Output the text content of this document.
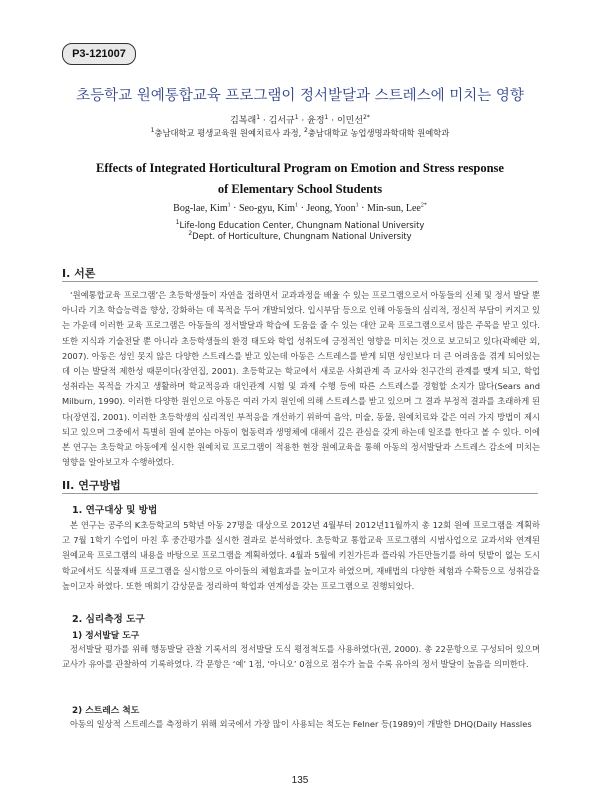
P3-121007
초등학교 원예통합교육 프로그램이 정서발달과 스트레스에 미치는 영향
김복래$^1$ · 김서규$^1$ · 윤정$^1$ · 이민선$^{2*}$
$^1$충남대학교 평생교육원 원예치료사 과정, $^2$충남대학교 농업생명과학대학 원예학과
Effects of Integrated Horticultural Program on Emotion and Stress response
of Elementary School Students
Bog-lae, Kim$^1$ · Seo-gyu, Kim$^1$ · Jeong, Yoon$^1$ · Min-sun, Lee$^{2*}$
$^1$Life-long Education Center, Chungnam National University
$^2$Dept. of Horticulture, Chungnam National University
I. 서론

‘원예통합교육 프로그램’은 초등학생들이 자연을 접하면서 교과과정을 배울 수 있는 프로그램으로서 아동들의 신체 및 정서 발달 뿐 아니라 기초 학습능력을 향상, 강화하는 데 목적을 두어 개발되었다. 입시부담 등으로 인해 아동들의 심리적, 정신적 부담이 커지고 있는 가운데 이러한 교육 프로그램은 아동들의 정서발달과 학습에 도움을 줄 수 있는 대안 교육 프로그램으로서 많은 주목을 받고 있다. 또한 지식과 기술전달 뿐 아니라 초등학생들의 환경 태도와 학업 성취도에 긍정적인 영향을 미치는 것으로 보고되고 있다(곽혜란 외, 2007). 아동은 성인 못지 않은 다양한 스트레스를 받고 있는데 아동은 스트레스를 받게 되면 성인보다 더 큰 어려움을 겪게 되어있는데 이는 발달적 제한성 때문이다(장연집, 2001). 초등학교는 학교에서 새로운 사회관계 즉 교사와 친구간의 관계를 맺게 되고, 학업 성취라는 목적을 가지고 생활하며 학교적응과 대인관계 시험 및 과제 수행 등에 따른 스트레스를 경험할 소지가 많다(Sears and Milburn, 1990). 이러한 다양한 원인으로 아동은 여러 가지 원인에 의해 스트레스를 받고 있으며 그 결과 부정적 결과를 초래하게 된다(장연집, 2001). 이러한 초등학생의 심리적인 부적응을 개선하기 위하여 음악, 미술, 동물, 원예치료와 같은 여러 가지 방법이 제시되고 있으며 그중에서 특별히 원예 분야는 아동이 협동력과 생명체에 대해서 깊은 관심을 갖게 하는데 일조를 한다고 볼 수 있다. 이에 본 연구는 초등학교 아동에게 실시한 원예치료 프로그램이 적용한 현장 원예교육을 통해 아동의 정서발달과 스트레스 감소에 미치는 영향을 알아보고자 수행하였다.

II. 연구방법
1. 연구대상 및 방법

본 연구는 공주의 K초등학교의 5학년 아동 27명을 대상으로 2012년 4월부터 2012년11월까지 총 12회 원예 프로그램을 계획하고 7월 1학기 수업이 마친 후 중간평가를 실시한 결과로 분석하였다. 초등학교 통합교육 프로그램의 시범사업으로 교과서와 연계된 원예교육 프로그램의 내용을 바탕으로 프로그램을 계획하였다. 4월과 5월에 키친가든과 플라워 가든만들기를 하여 텃밭이 없는 도시학교에서도 식물재배 프로그램을 실시함으로 아이들의 체험효과를 높이고자 하였으며, 재배법의 다양한 체험과 수확등으로 성취감을 높이고자 하였다. 또한 매회기 감상문을 정리하여 학업과 연계성을 갖는 프로그램으로 진행되었다.

2. 심리측정 도구
1) 정서발달 도구

정서발달 평가를 위해 행동발달 관찰 기록서의 정서발달 도식 평정척도를 사용하였다(권, 2000). 총 22문항으로 구성되어 있으며 교사가 유아를 관찰하여 기록하였다. 각 문항은 ‘예’ 1점, ‘아니오’ 0점으로 점수가 높을 수록 유아의 정서 발달이 높음을 의미한다.

2) 스트레스 척도

아동의 일상적 스트레스를 측정하기 위해 외국에서 가장 많이 사용되는 척도는 Felner 등(1989)이 개발한 DHQ(Daily Hassles

135
